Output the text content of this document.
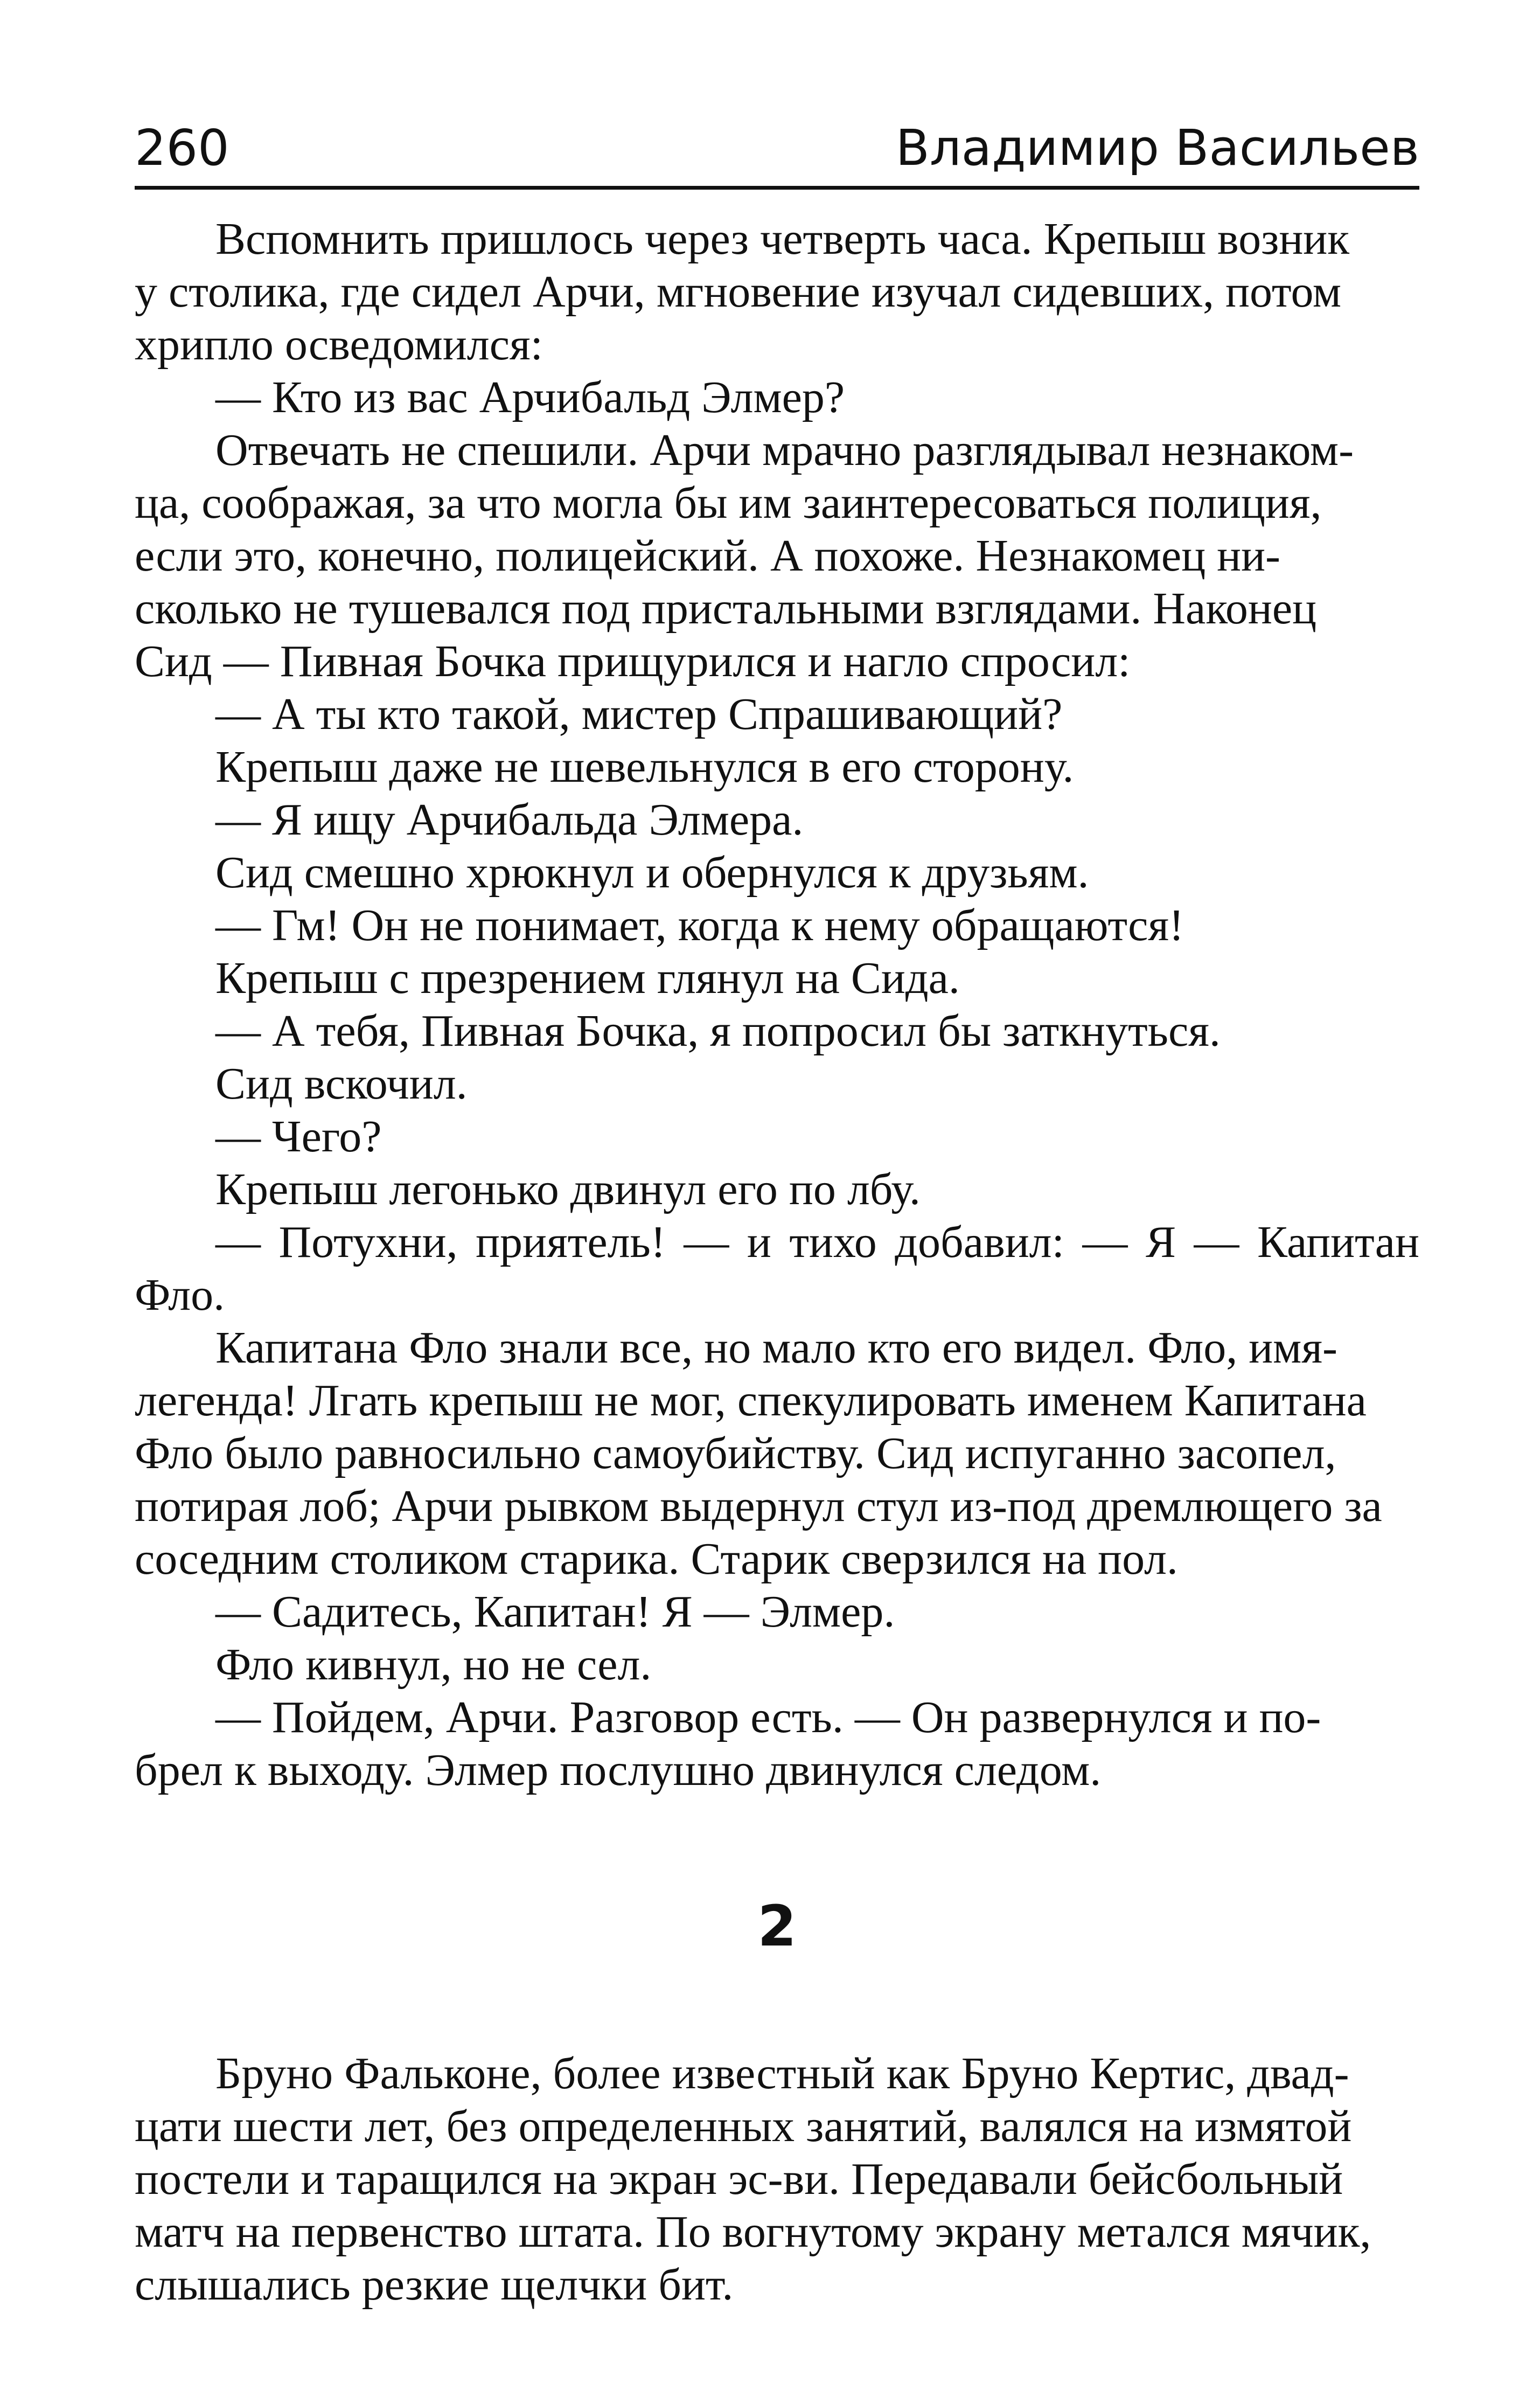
260	Владимир Васильев

Вспомнить пришлось через четверть часа. Крепыш возник
у столика, где сидел Арчи, мгновение изучал сидевших, потом
хрипло осведомился:

— Кто из вас Арчибальд Элмер?

Отвечать не спешили. Арчи мрачно разглядывал незнаком-
ца, соображая, за что могла бы им заинтересоваться полиция,
если это, конечно, полицейский. А похоже. Незнакомец ни-
сколько не тушевался под пристальными взглядами. Наконец
Сид — Пивная Бочка прищурился и нагло спросил:

— А ты кто такой, мистер Спрашивающий?

Крепыш даже не шевельнулся в его сторону.

— Я ищу Арчибальда Элмера.

Сид смешно хрюкнул и обернулся к друзьям.

— Гм! Он не понимает, когда к нему обращаются!

Крепыш с презрением глянул на Сида.

— А тебя, Пивная Бочка, я попросил бы заткнуться.

Сид вскочил.

— Чего?

Крепыш легонько двинул его по лбу.

— Потухни, приятель! — и тихо добавил: — Я — Капитан Фло.

Капитана Фло знали все, но мало кто его видел. Фло, имя-
легенда! Лгать крепыш не мог, спекулировать именем Капитана
Фло было равносильно самоубийству. Сид испуганно засопел,
потирая лоб; Арчи рывком выдернул стул из-под дремлющего за
соседним столиком старика. Старик сверзился на пол.

— Садитесь, Капитан! Я — Элмер.

Фло кивнул, но не сел.

— Пойдем, Арчи. Разговор есть. — Он развернулся и по-
брел к выходу. Элмер послушно двинулся следом.

2

Бруно Фальконе, более известный как Бруно Кертис, двад-
цати шести лет, без определенных занятий, валялся на измятой
постели и таращился на экран эс-ви. Передавали бейсбольный
матч на первенство штата. По вогнутому экрану метался мячик,
слышались резкие щелчки бит.
